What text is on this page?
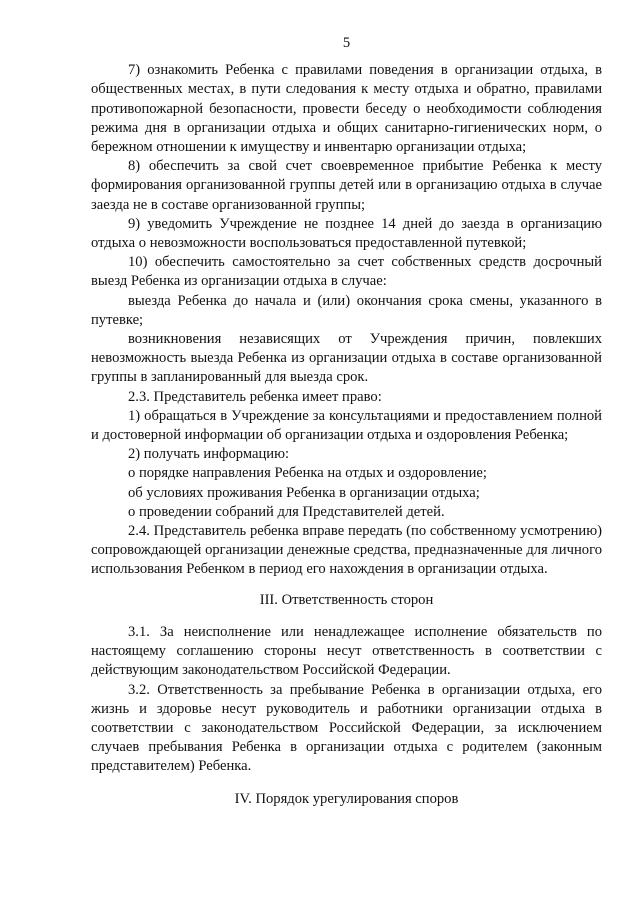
5

7) ознакомить Ребенка с правилами поведения в организации отдыха, в общественных местах, в пути следования к месту отдыха и обратно, правилами противопожарной безопасности, провести беседу о необходимости соблюдения режима дня в организации отдыха и общих санитарно-гигиенических норм, о бережном отношении к имуществу и инвентарю организации отдыха;

8) обеспечить за свой счет своевременное прибытие Ребенка к месту формирования организованной группы детей или в организацию отдыха в случае заезда не в составе организованной группы;

9) уведомить Учреждение не позднее 14 дней до заезда в организацию отдыха о невозможности воспользоваться предоставленной путевкой;

10) обеспечить самостоятельно за счет собственных средств досрочный выезд Ребенка из организации отдыха в случае:

выезда Ребенка до начала и (или) окончания срока смены, указанного в путевке;

возникновения независящих от Учреждения причин, повлекших невозможность выезда Ребенка из организации отдыха в составе организованной группы в запланированный для выезда срок.

2.3. Представитель ребенка имеет право:

1) обращаться в Учреждение за консультациями и предоставлением полной и достоверной информации об организации отдыха и оздоровления Ребенка;

2) получать информацию:

о порядке направления Ребенка на отдых и оздоровление;

об условиях проживания Ребенка в организации отдыха;

о проведении собраний для Представителей детей.

2.4. Представитель ребенка вправе передать (по собственному усмотрению) сопровождающей организации денежные средства, предназначенные для личного использования Ребенком в период его нахождения в организации отдыха.

III. Ответственность сторон

3.1. За неисполнение или ненадлежащее исполнение обязательств по настоящему соглашению стороны несут ответственность в соответствии с действующим законодательством Российской Федерации.

3.2. Ответственность за пребывание Ребенка в организации отдыха, его жизнь и здоровье несут руководитель и работники организации отдыха в соответствии с законодательством Российской Федерации, за исключением случаев пребывания Ребенка в организации отдыха с родителем (законным представителем) Ребенка.

IV. Порядок урегулирования споров
